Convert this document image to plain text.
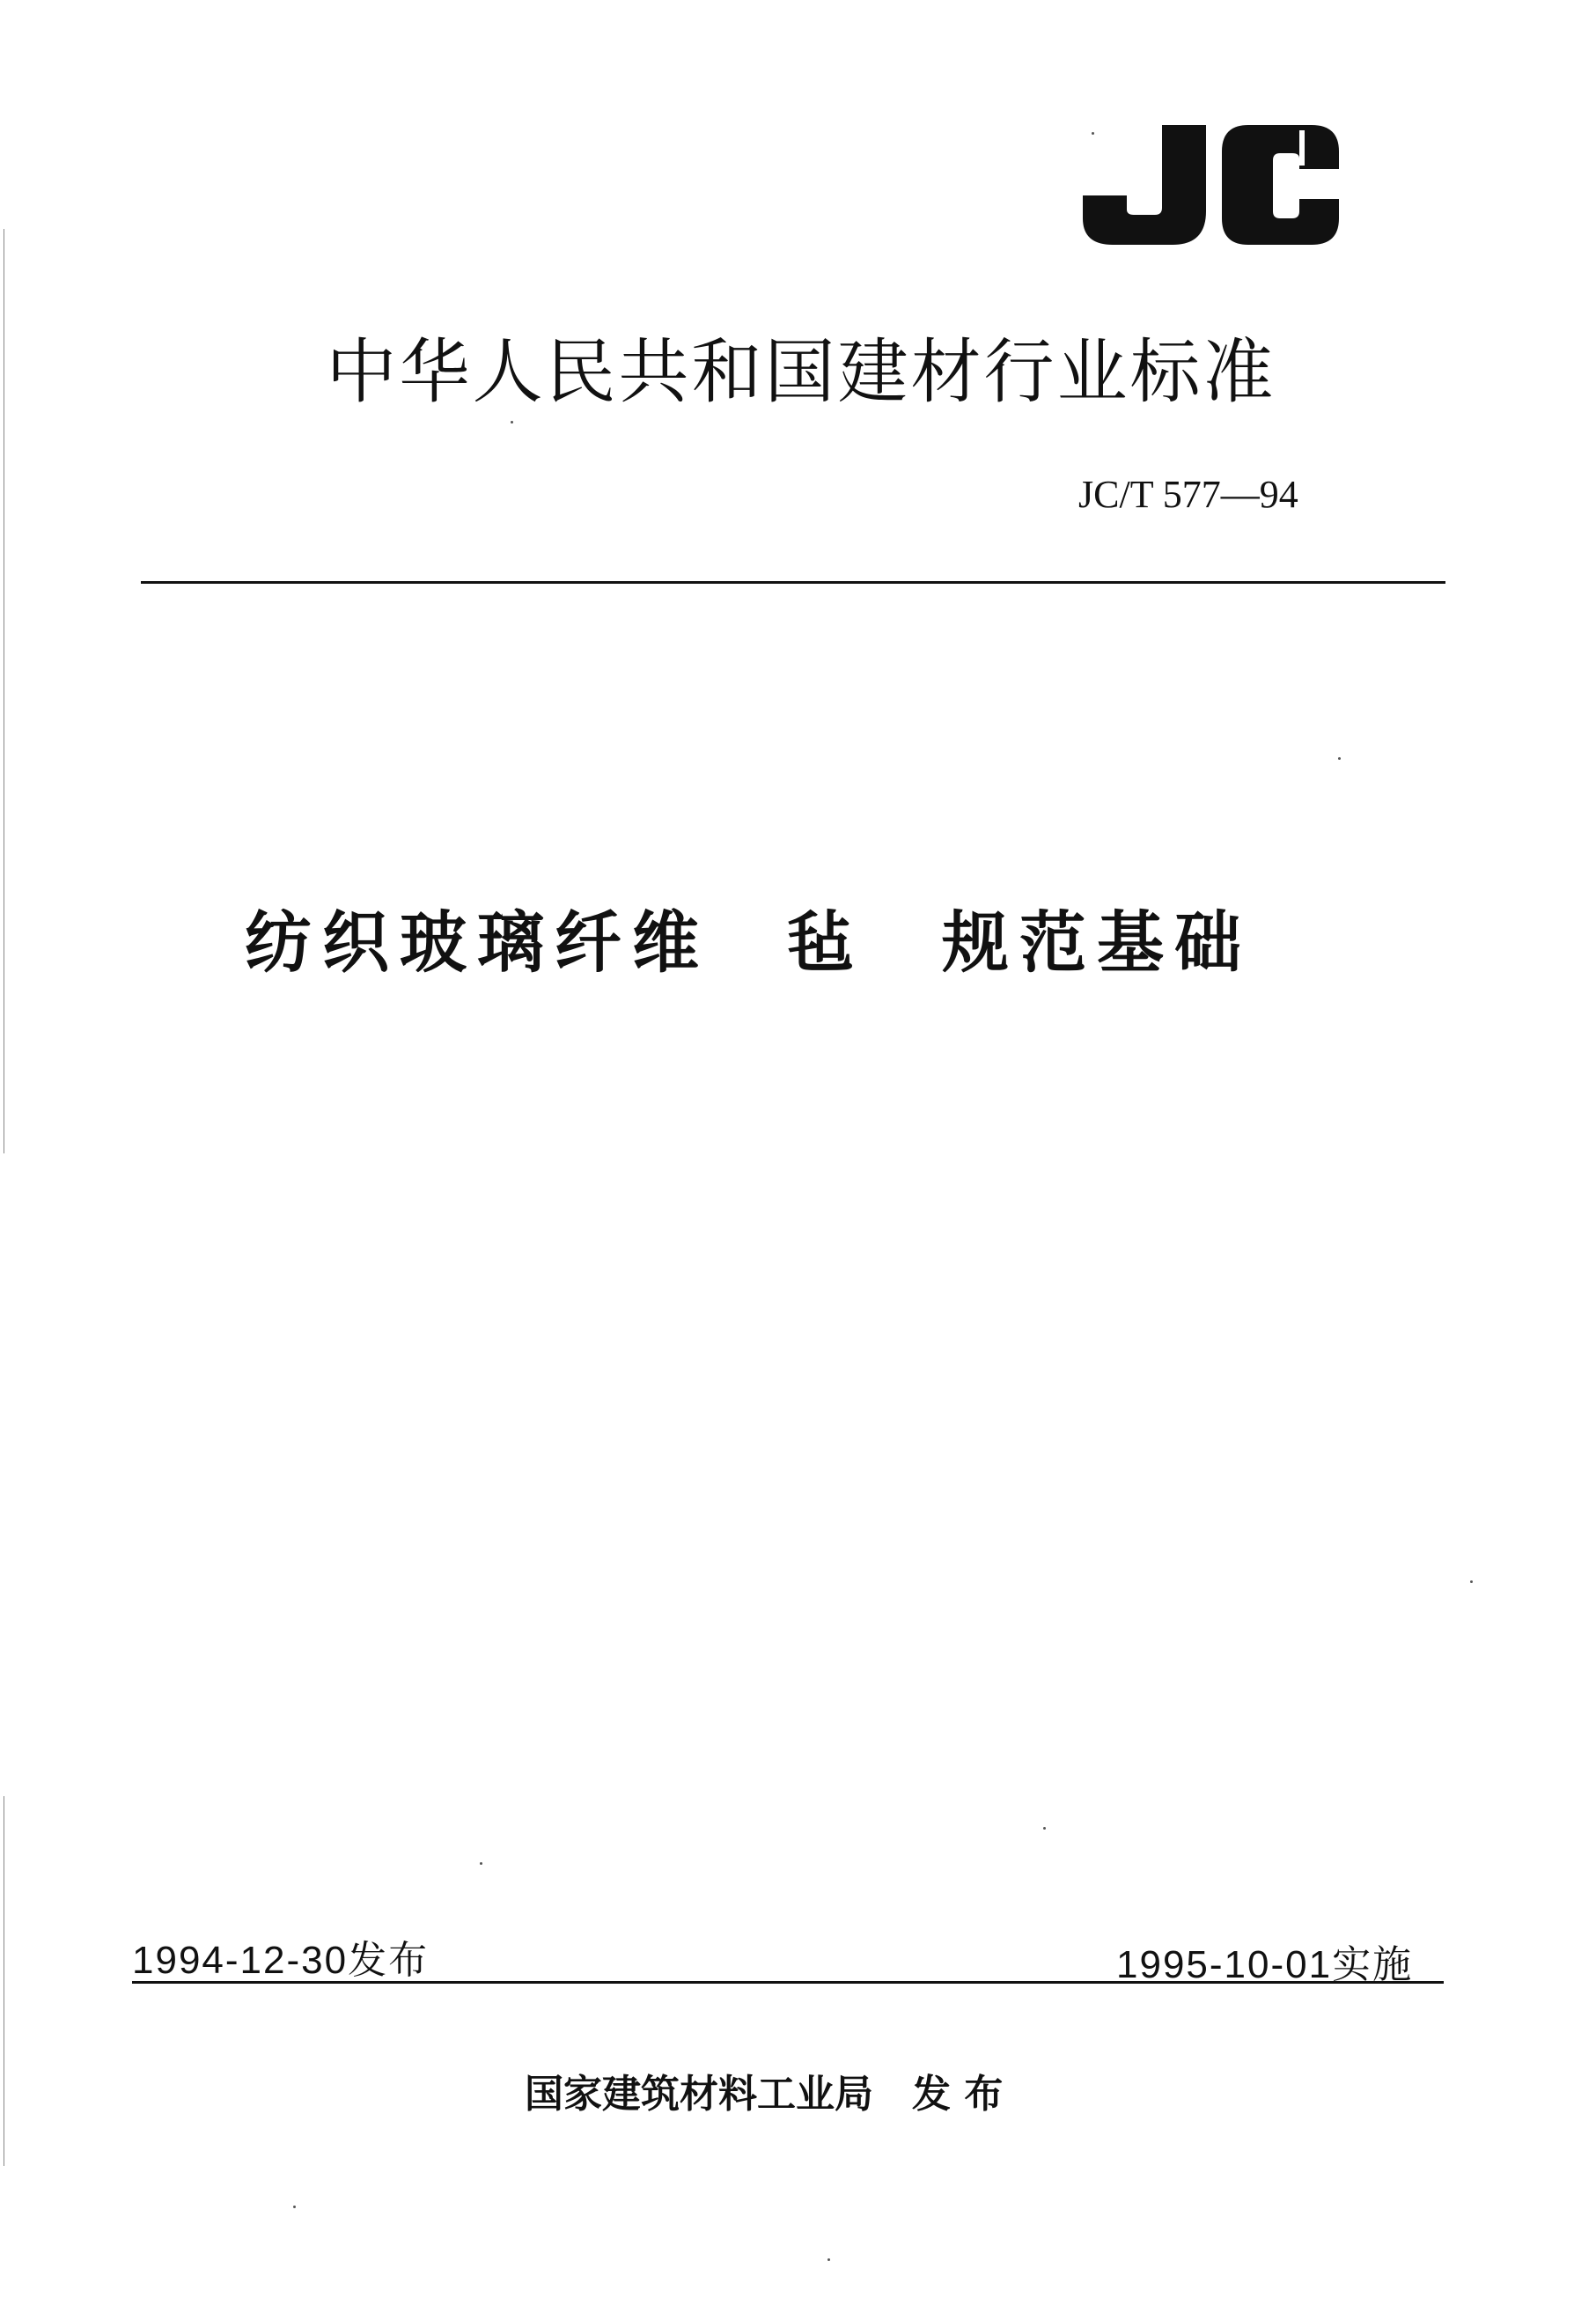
中华人民共和国建材行业标准
JC/T 577—94
纺织玻璃纤维　毡　规范基础
1994-12-30发布	1995-10-01实施
国家建筑材料工业局　发 布
